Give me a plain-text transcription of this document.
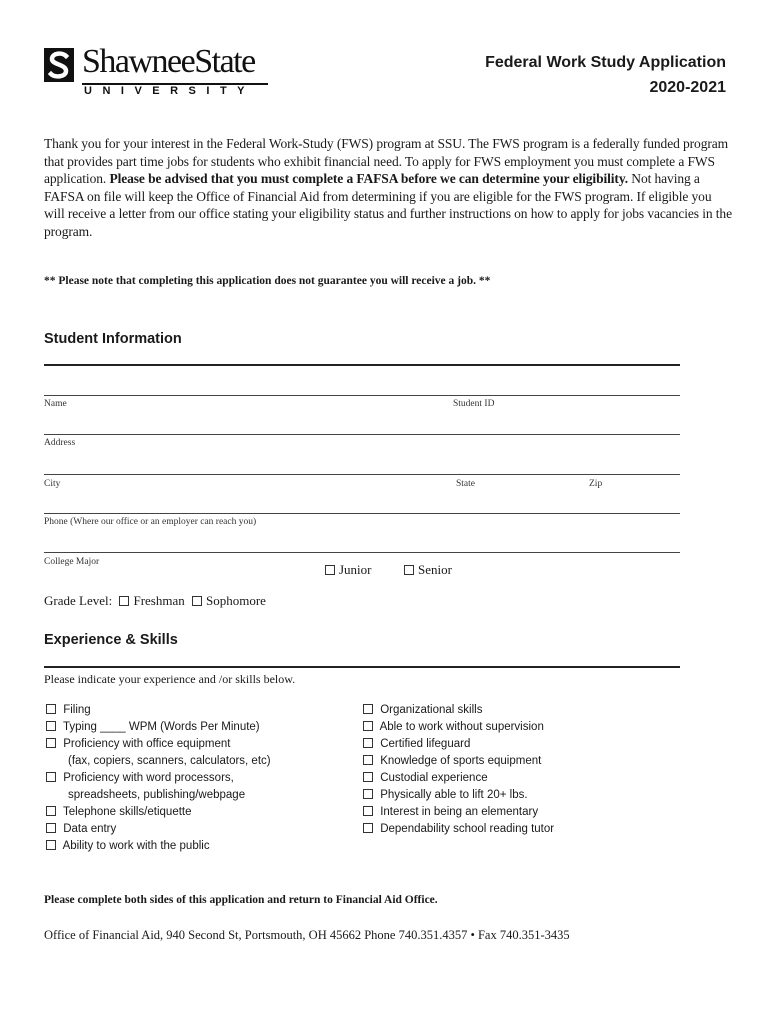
ShawneeState
UNIVERSITY
Federal Work Study Application
2020-2021
Thank you for your interest in the Federal Work-Study (FWS) program at SSU. The FWS program is a federally funded program that provides part time jobs for students who exhibit financial need. To apply for FWS employment you must complete a FWS application. Please be advised that you must complete a FAFSA before we can determine your eligibility. Not having a FAFSA on file will keep the Office of Financial Aid from determining if you are eligible for the FWS program. If eligible you will receive a letter from our office stating your eligibility status and further instructions on how to apply for jobs vacancies in the program.
** Please note that completing this application does not guarantee you will receive a job. **
Student Information
Name	Student ID
Address
City	State	Zip
Phone (Where our office or an employer can reach you)
College Major	Junior	Senior
Grade Level: Freshman Sophomore
Experience & Skills
Please indicate your experience and /or skills below.
Filing
Typing ____ WPM (Words Per Minute)
Proficiency with office equipment
(fax, copiers, scanners, calculators, etc)
Proficiency with word processors,
spreadsheets, publishing/webpage
Telephone skills/etiquette
Data entry
Ability to work with the public
Organizational skills
Able to work without supervision
Certified lifeguard
Knowledge of sports equipment
Custodial experience
Physically able to lift 20+ lbs.
Interest in being an elementary
Dependability school reading tutor
Please complete both sides of this application and return to Financial Aid Office.
Office of Financial Aid, 940 Second St, Portsmouth, OH 45662 Phone 740.351.4357 • Fax 740.351-3435
